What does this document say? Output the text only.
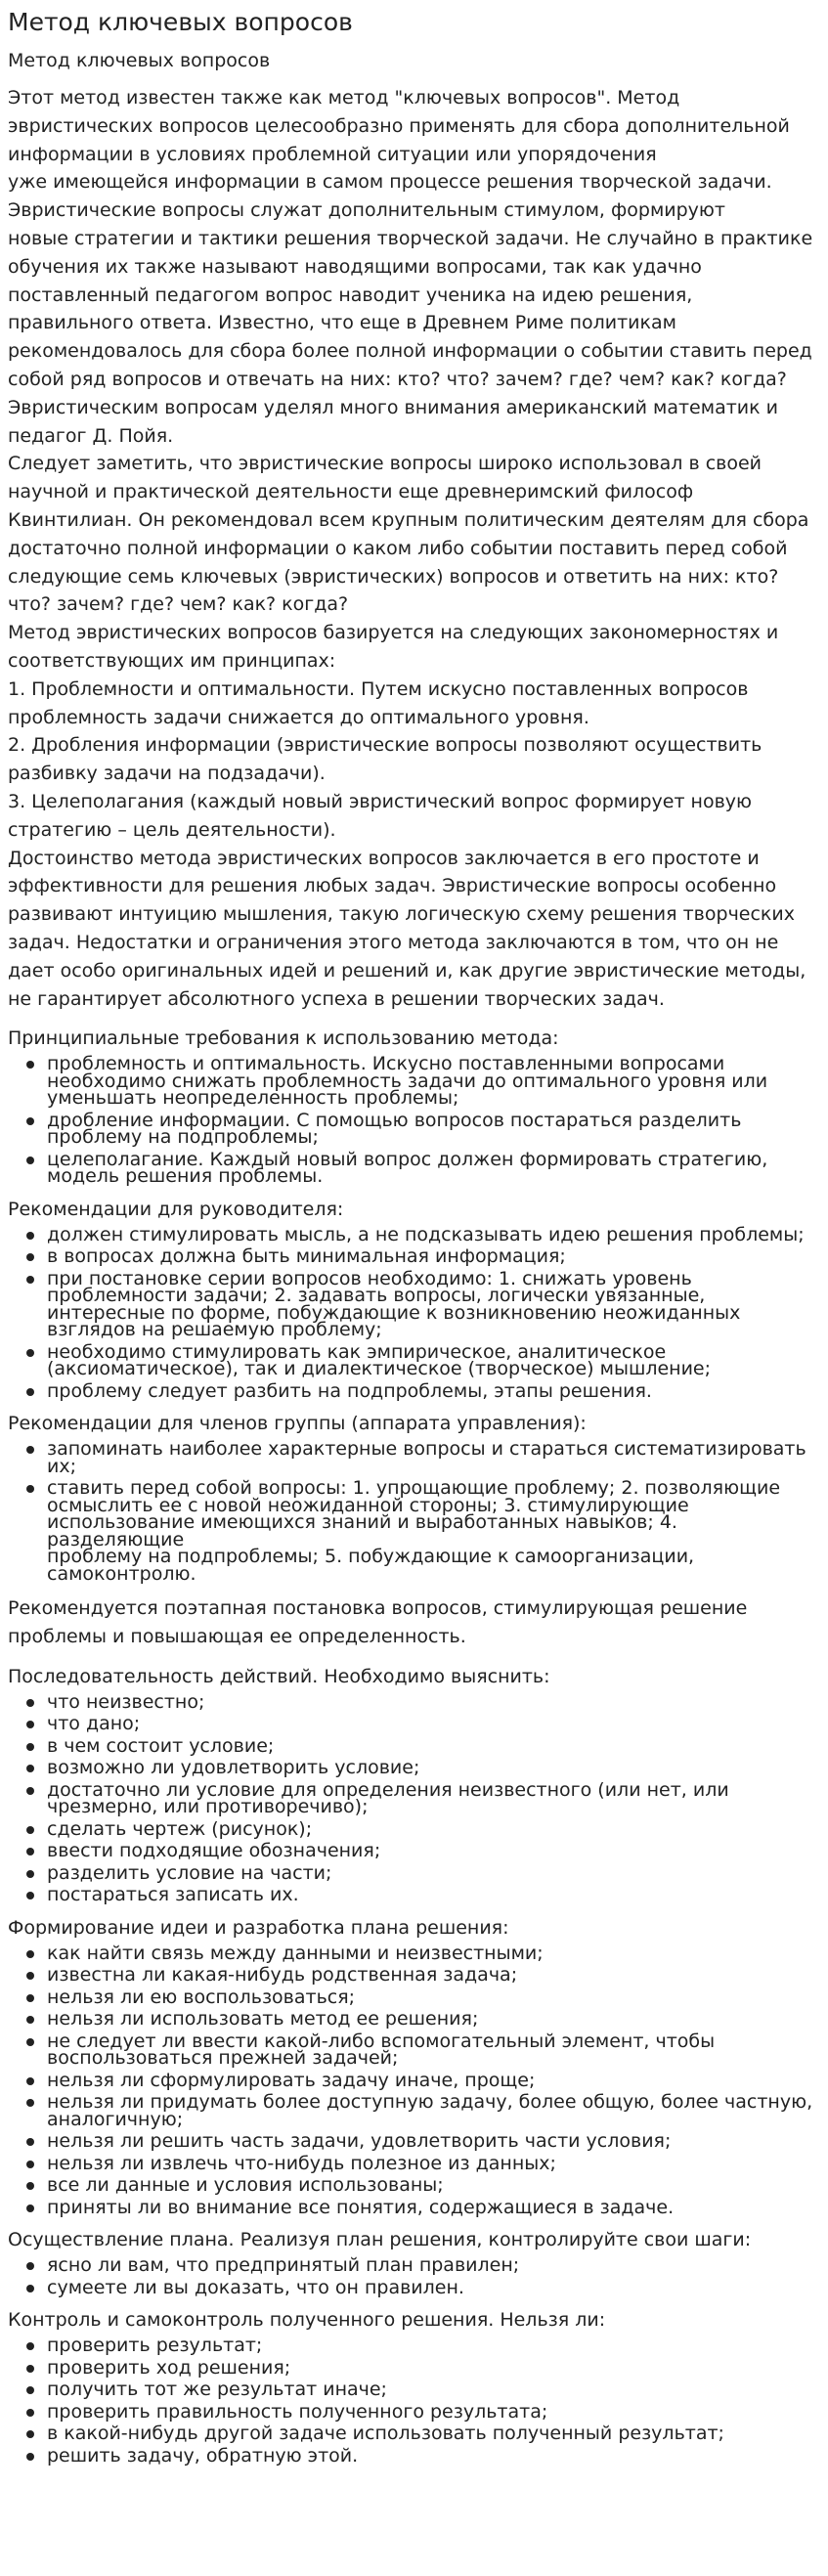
Метод ключевых вопросов
Метод ключевых вопросов

Этот метод известен также как метод "ключевых вопросов". Метод
эвристических вопросов целесообразно применять для сбора дополнительной
информации в условиях проблемной ситуации или упорядочения
уже имеющейся информации в самом процессе решения творческой задачи.
Эвристические вопросы служат дополнительным стимулом, формируют
новые стратегии и тактики решения творческой задачи. Не случайно в практике
обучения их также называют наводящими вопросами, так как удачно
поставленный педагогом вопрос наводит ученика на идею решения,
правильного ответа. Известно, что еще в Древнем Риме политикам
рекомендовалось для сбора более полной информации о событии ставить перед
собой ряд вопросов и отвечать на них: кто? что? зачем? где? чем? как? когда?
Эвристическим вопросам уделял много внимания американский математик и
педагог Д. Пойя.
Следует заметить, что эвристические вопросы широко использовал в своей
научной и практической деятельности еще древнеримский философ
Квинтилиан. Он рекомендовал всем крупным политическим деятелям для сбора
достаточно полной информации о каком либо событии поставить перед собой
следующие семь ключевых (эвристических) вопросов и ответить на них: кто?
что? зачем? где? чем? как? когда?
Метод эвристических вопросов базируется на следующих закономерностях и
соответствующих им принципах:
1. Проблемности и оптимальности. Путем искусно поставленных вопросов
проблемность задачи снижается до оптимального уровня.
2. Дробления информации (эвристические вопросы позволяют осуществить
разбивку задачи на подзадачи).
3. Целеполагания (каждый новый эвристический вопрос формирует новую
стратегию – цель деятельности).
Достоинство метода эвристических вопросов заключается в его простоте и
эффективности для решения любых задач. Эвристические вопросы особенно
развивают интуицию мышления, такую логическую схему решения творческих
задач. Недостатки и ограничения этого метода заключаются в том, что он не
дает особо оригинальных идей и решений и, как другие эвристические методы,
не гарантирует абсолютного успеха в решении творческих задач.

Принципиальные требования к использованию метода:
проблемность и оптимальность. Искусно поставленными вопросами
необходимо снижать проблемность задачи до оптимального уровня или
уменьшать неопределенность проблемы;
дробление информации. С помощью вопросов постараться разделить
проблему на подпроблемы;
целеполагание. Каждый новый вопрос должен формировать стратегию,
модель решения проблемы.
Рекомендации для руководителя:
должен стимулировать мысль, а не подсказывать идею решения проблемы;
в вопросах должна быть минимальная информация;
при постановке серии вопросов необходимо: 1. снижать уровень
проблемности задачи; 2. задавать вопросы, логически увязанные,
интересные по форме, побуждающие к возникновению неожиданных
взглядов на решаемую проблему;
необходимо стимулировать как эмпирическое, аналитическое
(аксиоматическое), так и диалектическое (творческое) мышление;
проблему следует разбить на подпроблемы, этапы решения.
Рекомендации для членов группы (аппарата управления):
запоминать наиболее характерные вопросы и стараться систематизировать
их;
ставить перед собой вопросы: 1. упрощающие проблему; 2. позволяющие
осмыслить ее с новой неожиданной стороны; 3. стимулирующие
использование имеющихся знаний и выработанных навыков; 4. разделяющие
проблему на подпроблемы; 5. побуждающие к самоорганизации,
самоконтролю.
Рекомендуется поэтапная постановка вопросов, стимулирующая решение
проблемы и повышающая ее определенность.
Последовательность действий. Необходимо выяснить:
что неизвестно;
что дано;
в чем состоит условие;
возможно ли удовлетворить условие;
достаточно ли условие для определения неизвестного (или нет, или
чрезмерно, или противоречиво);
сделать чертеж (рисунок);
ввести подходящие обозначения;
разделить условие на части;
постараться записать их.
Формирование идеи и разработка плана решения:
как найти связь между данными и неизвестными;
известна ли какая-нибудь родственная задача;
нельзя ли ею воспользоваться;
нельзя ли использовать метод ее решения;
не следует ли ввести какой-либо вспомогательный элемент, чтобы
воспользоваться прежней задачей;
нельзя ли сформулировать задачу иначе, проще;
нельзя ли придумать более доступную задачу, более общую, более частную,
аналогичную;
нельзя ли решить часть задачи, удовлетворить части условия;
нельзя ли извлечь что-нибудь полезное из данных;
все ли данные и условия использованы;
приняты ли во внимание все понятия, содержащиеся в задаче.
Осуществление плана. Реализуя план решения, контролируйте свои шаги:
ясно ли вам, что предпринятый план правилен;
сумеете ли вы доказать, что он правилен.
Контроль и самоконтроль полученного решения. Нельзя ли:
проверить результат;
проверить ход решения;
получить тот же результат иначе;
проверить правильность полученного результата;
в какой-нибудь другой задаче использовать полученный результат;
решить задачу, обратную этой.
